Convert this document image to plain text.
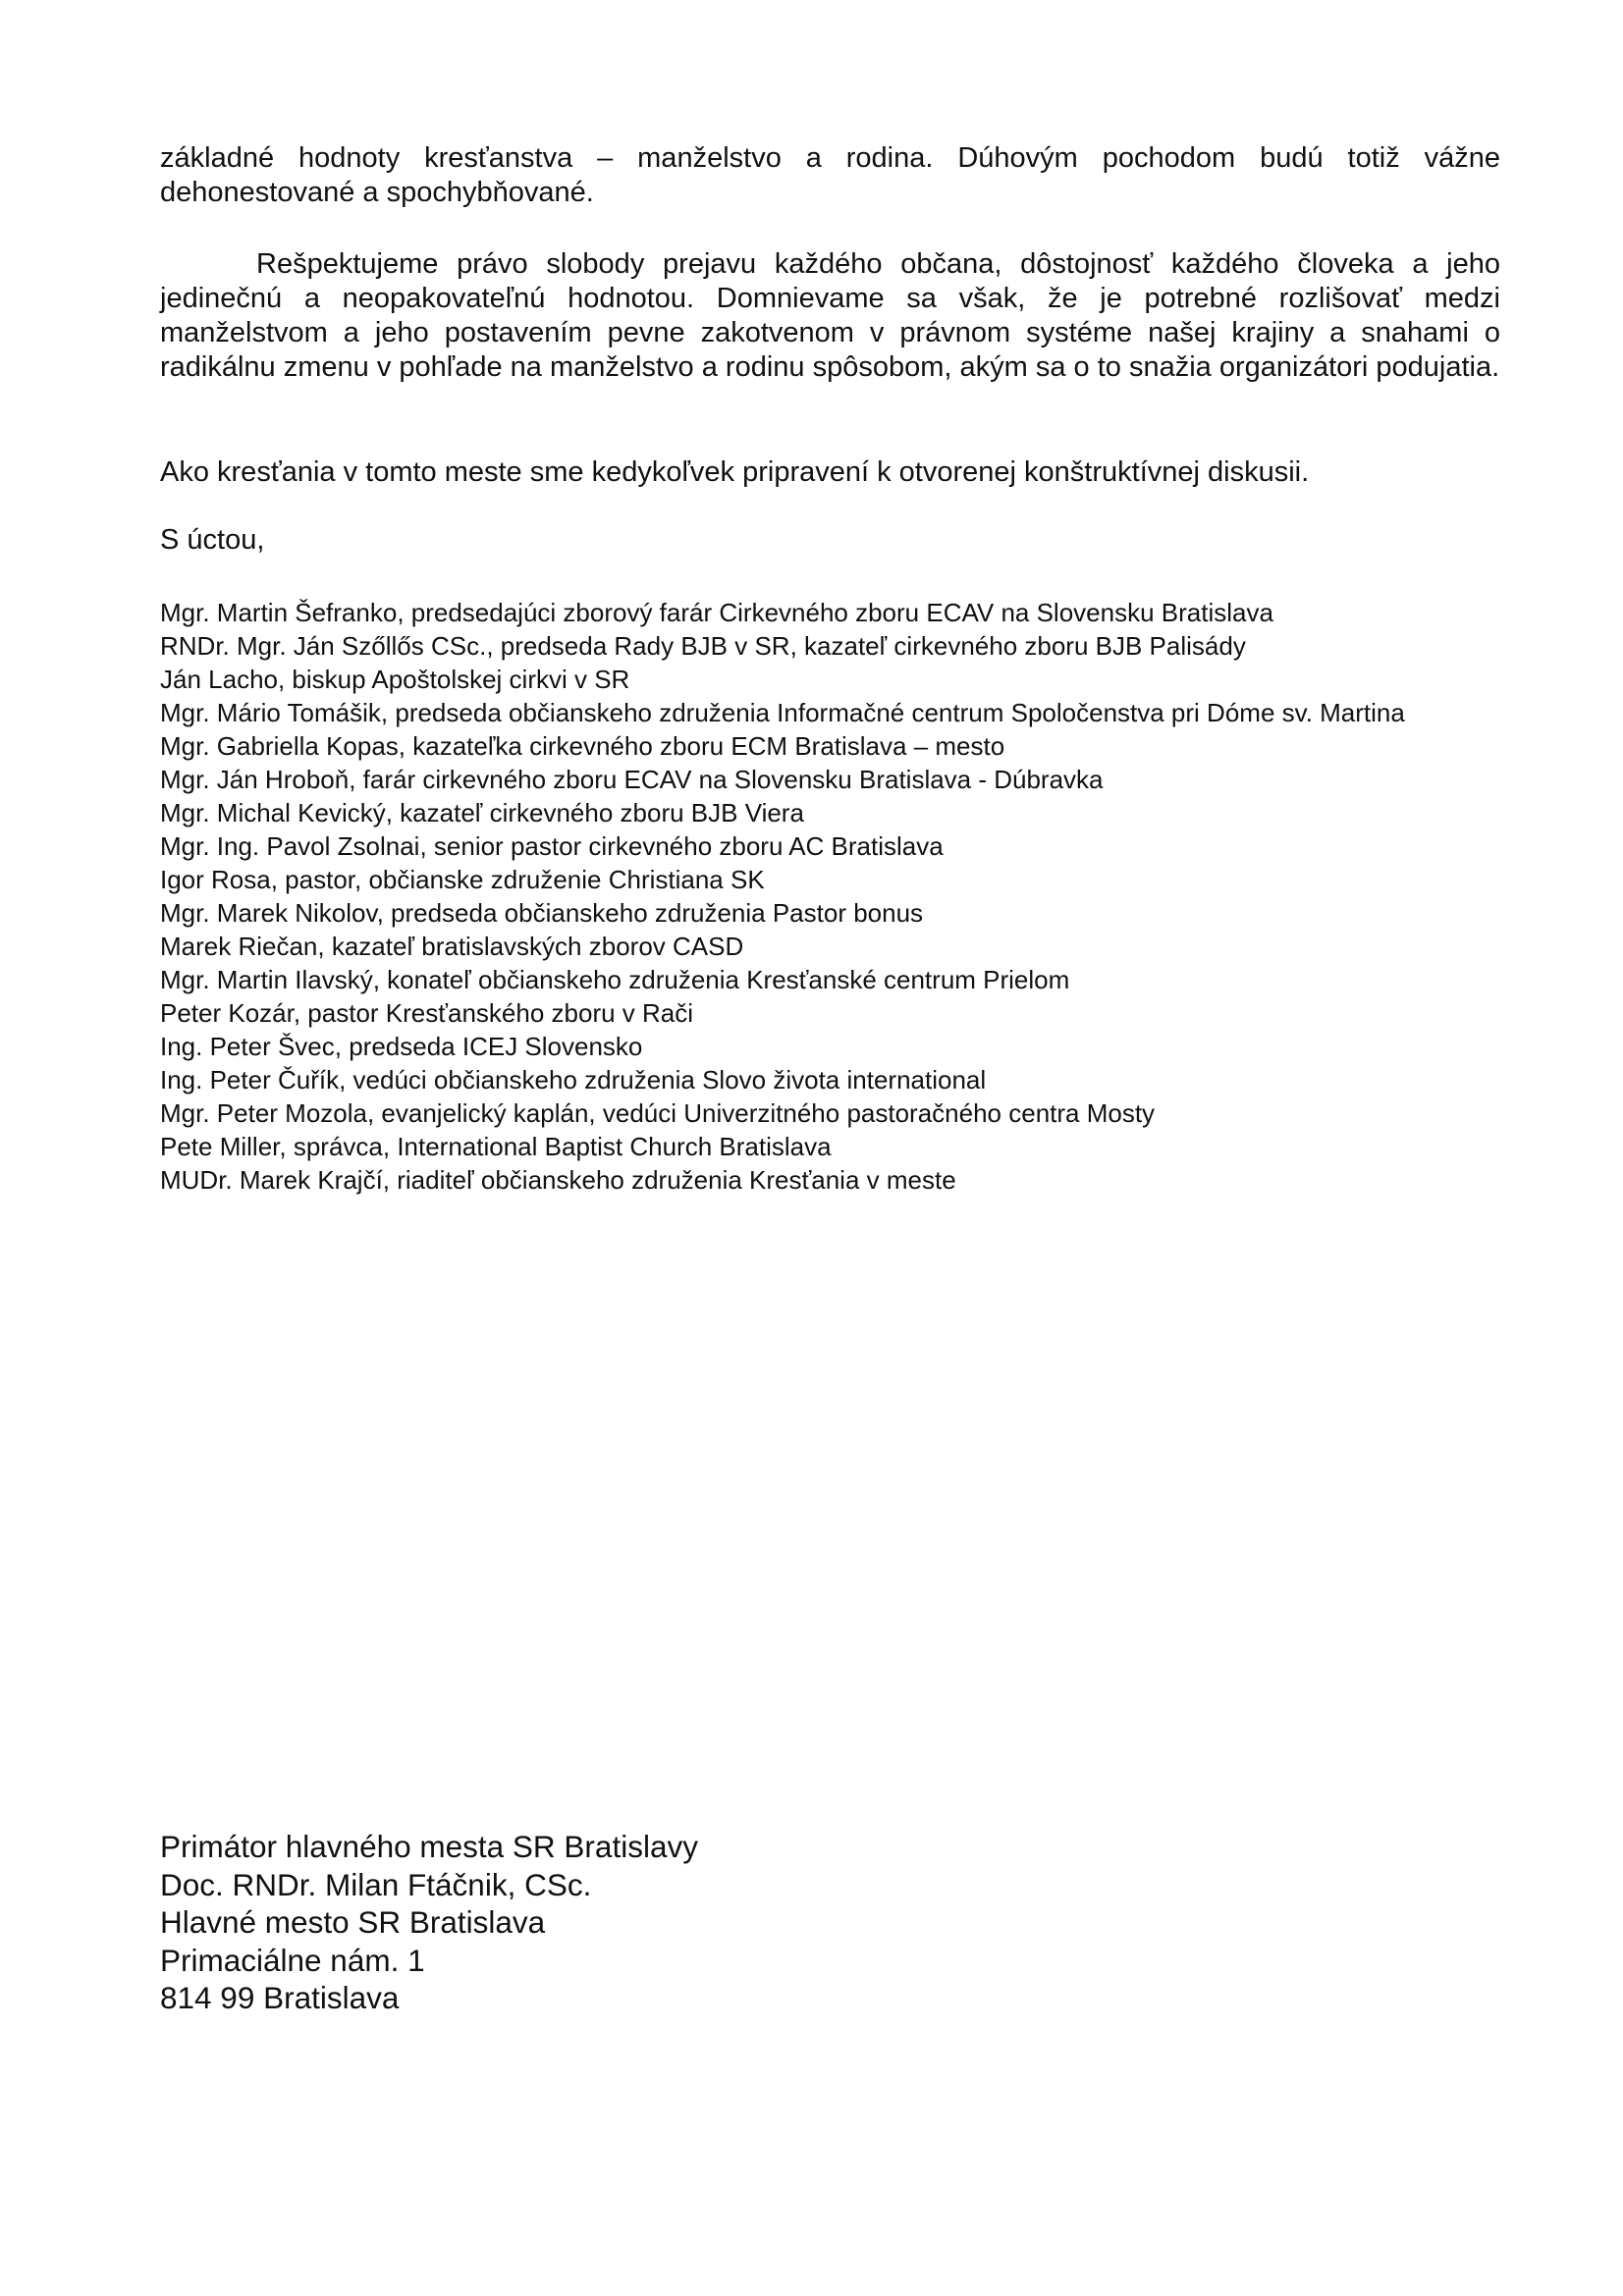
základné hodnoty kresťanstva – manželstvo a rodina. Dúhovým pochodom budú totiž vážne dehonestované a spochybňované.

Rešpektujeme právo slobody prejavu každého občana, dôstojnosť každého človeka a jeho jedinečnú a neopakovateľnú hodnotou. Domnievame sa však, že je potrebné rozlišovať medzi manželstvom a jeho postavením pevne zakotvenom v právnom systéme našej krajiny a snahami o radikálnu zmenu v pohľade na manželstvo a rodinu spôsobom, akým sa o to snažia organizátori podujatia.

Ako kresťania v tomto meste sme kedykoľvek pripravení k otvorenej konštruktívnej diskusii.

S úctou,

Mgr. Martin Šefranko, predsedajúci zborový farár Cirkevného zboru ECAV na Slovensku Bratislava
RNDr. Mgr. Ján Szőllős CSc., predseda Rady BJB v SR, kazateľ cirkevného zboru BJB Palisády
Ján Lacho, biskup Apoštolskej cirkvi v SR
Mgr. Mário Tomášik, predseda občianskeho združenia Informačné centrum Spoločenstva pri Dóme sv. Martina
Mgr. Gabriella Kopas, kazateľka cirkevného zboru ECM Bratislava – mesto
Mgr. Ján Hroboň, farár cirkevného zboru ECAV na Slovensku Bratislava - Dúbravka
Mgr. Michal Kevický, kazateľ cirkevného zboru BJB Viera
Mgr. Ing. Pavol Zsolnai, senior pastor cirkevného zboru AC Bratislava
Igor Rosa, pastor, občianske združenie Christiana SK
Mgr. Marek Nikolov, predseda občianskeho združenia Pastor bonus
Marek Riečan, kazateľ bratislavských zborov CASD
Mgr. Martin Ilavský, konateľ občianskeho združenia Kresťanské centrum Prielom
Peter Kozár, pastor Kresťanského zboru v Rači
Ing. Peter Švec, predseda ICEJ Slovensko
Ing. Peter Čuřík, vedúci občianskeho združenia Slovo života international
Mgr. Peter Mozola, evanjelický kaplán, vedúci Univerzitného pastoračného centra Mosty
Pete Miller, správca, International Baptist Church Bratislava
MUDr. Marek Krajčí, riaditeľ občianskeho združenia Kresťania v meste
Primátor hlavného mesta SR Bratislavy
Doc. RNDr. Milan Ftáčnik, CSc.
Hlavné mesto SR Bratislava
Primaciálne nám. 1
814 99 Bratislava
